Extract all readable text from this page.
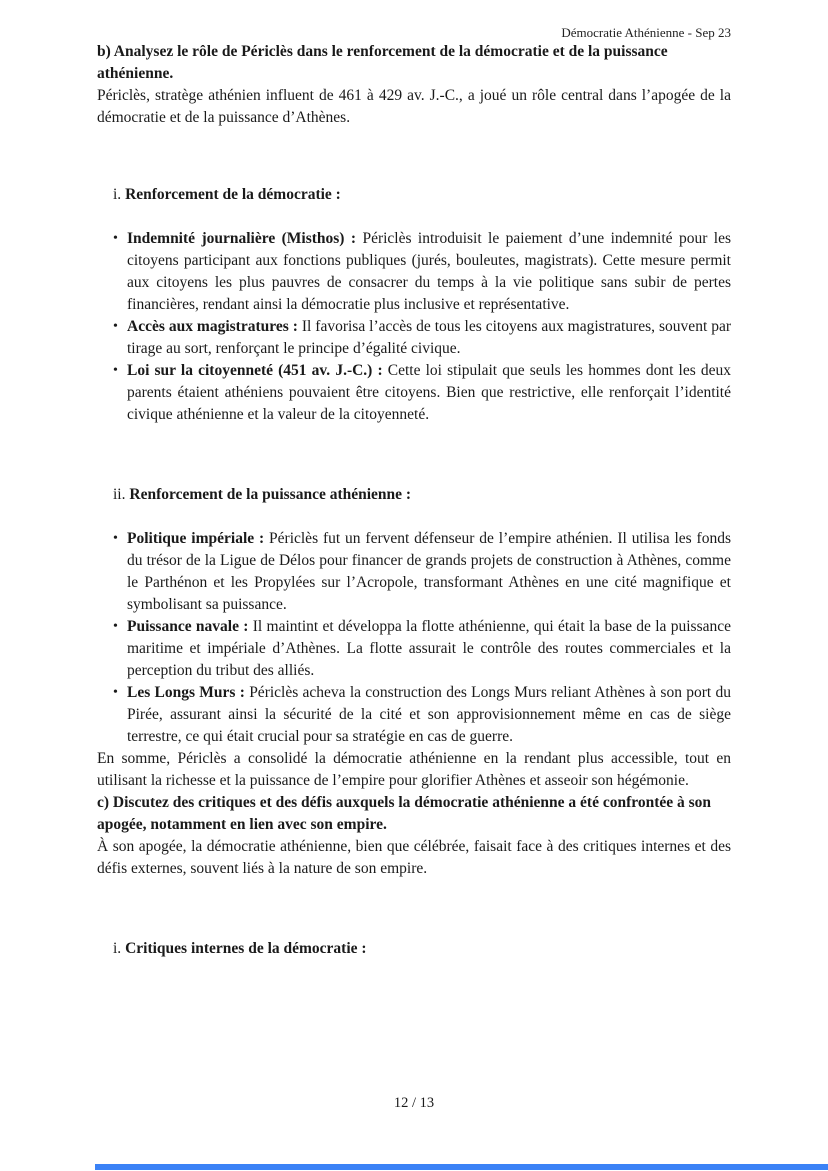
Démocratie Athénienne - Sep 23
b) Analysez le rôle de Périclès dans le renforcement de la démocratie et de la puissance athénienne.

Périclès, stratège athénien influent de 461 à 429 av. J.-C., a joué un rôle central dans l’apogée de la démocratie et de la puissance d’Athènes.

i. Renforcement de la démocratie :
• Indemnité journalière (Misthos) : Périclès introduisit le paiement d’une indemnité pour les citoyens participant aux fonctions publiques (jurés, bouleutes, magistrats). Cette mesure permit aux citoyens les plus pauvres de consacrer du temps à la vie politique sans subir de pertes financières, rendant ainsi la démocratie plus inclusive et représentative.
• Accès aux magistratures : Il favorisa l’accès de tous les citoyens aux magistratures, souvent par tirage au sort, renforçant le principe d’égalité civique.
• Loi sur la citoyenneté (451 av. J.-C.) : Cette loi stipulait que seuls les hommes dont les deux parents étaient athéniens pouvaient être citoyens. Bien que restrictive, elle renforçait l’identité civique athénienne et la valeur de la citoyenneté.
ii. Renforcement de la puissance athénienne :
• Politique impériale : Périclès fut un fervent défenseur de l’empire athénien. Il utilisa les fonds du trésor de la Ligue de Délos pour financer de grands projets de construction à Athènes, comme le Parthénon et les Propylées sur l’Acropole, transformant Athènes en une cité magnifique et symbolisant sa puissance.
• Puissance navale : Il maintint et développa la flotte athénienne, qui était la base de la puissance maritime et impériale d’Athènes. La flotte assurait le contrôle des routes commerciales et la perception du tribut des alliés.
• Les Longs Murs : Périclès acheva la construction des Longs Murs reliant Athènes à son port du Pirée, assurant ainsi la sécurité de la cité et son approvisionnement même en cas de siège terrestre, ce qui était crucial pour sa stratégie en cas de guerre.

En somme, Périclès a consolidé la démocratie athénienne en la rendant plus accessible, tout en utilisant la richesse et la puissance de l’empire pour glorifier Athènes et asseoir son hégémonie.

c) Discutez des critiques et des défis auxquels la démocratie athénienne a été confrontée à son apogée, notamment en lien avec son empire.

À son apogée, la démocratie athénienne, bien que célébrée, faisait face à des critiques internes et des défis externes, souvent liés à la nature de son empire.

i. Critiques internes de la démocratie :
12 / 13
